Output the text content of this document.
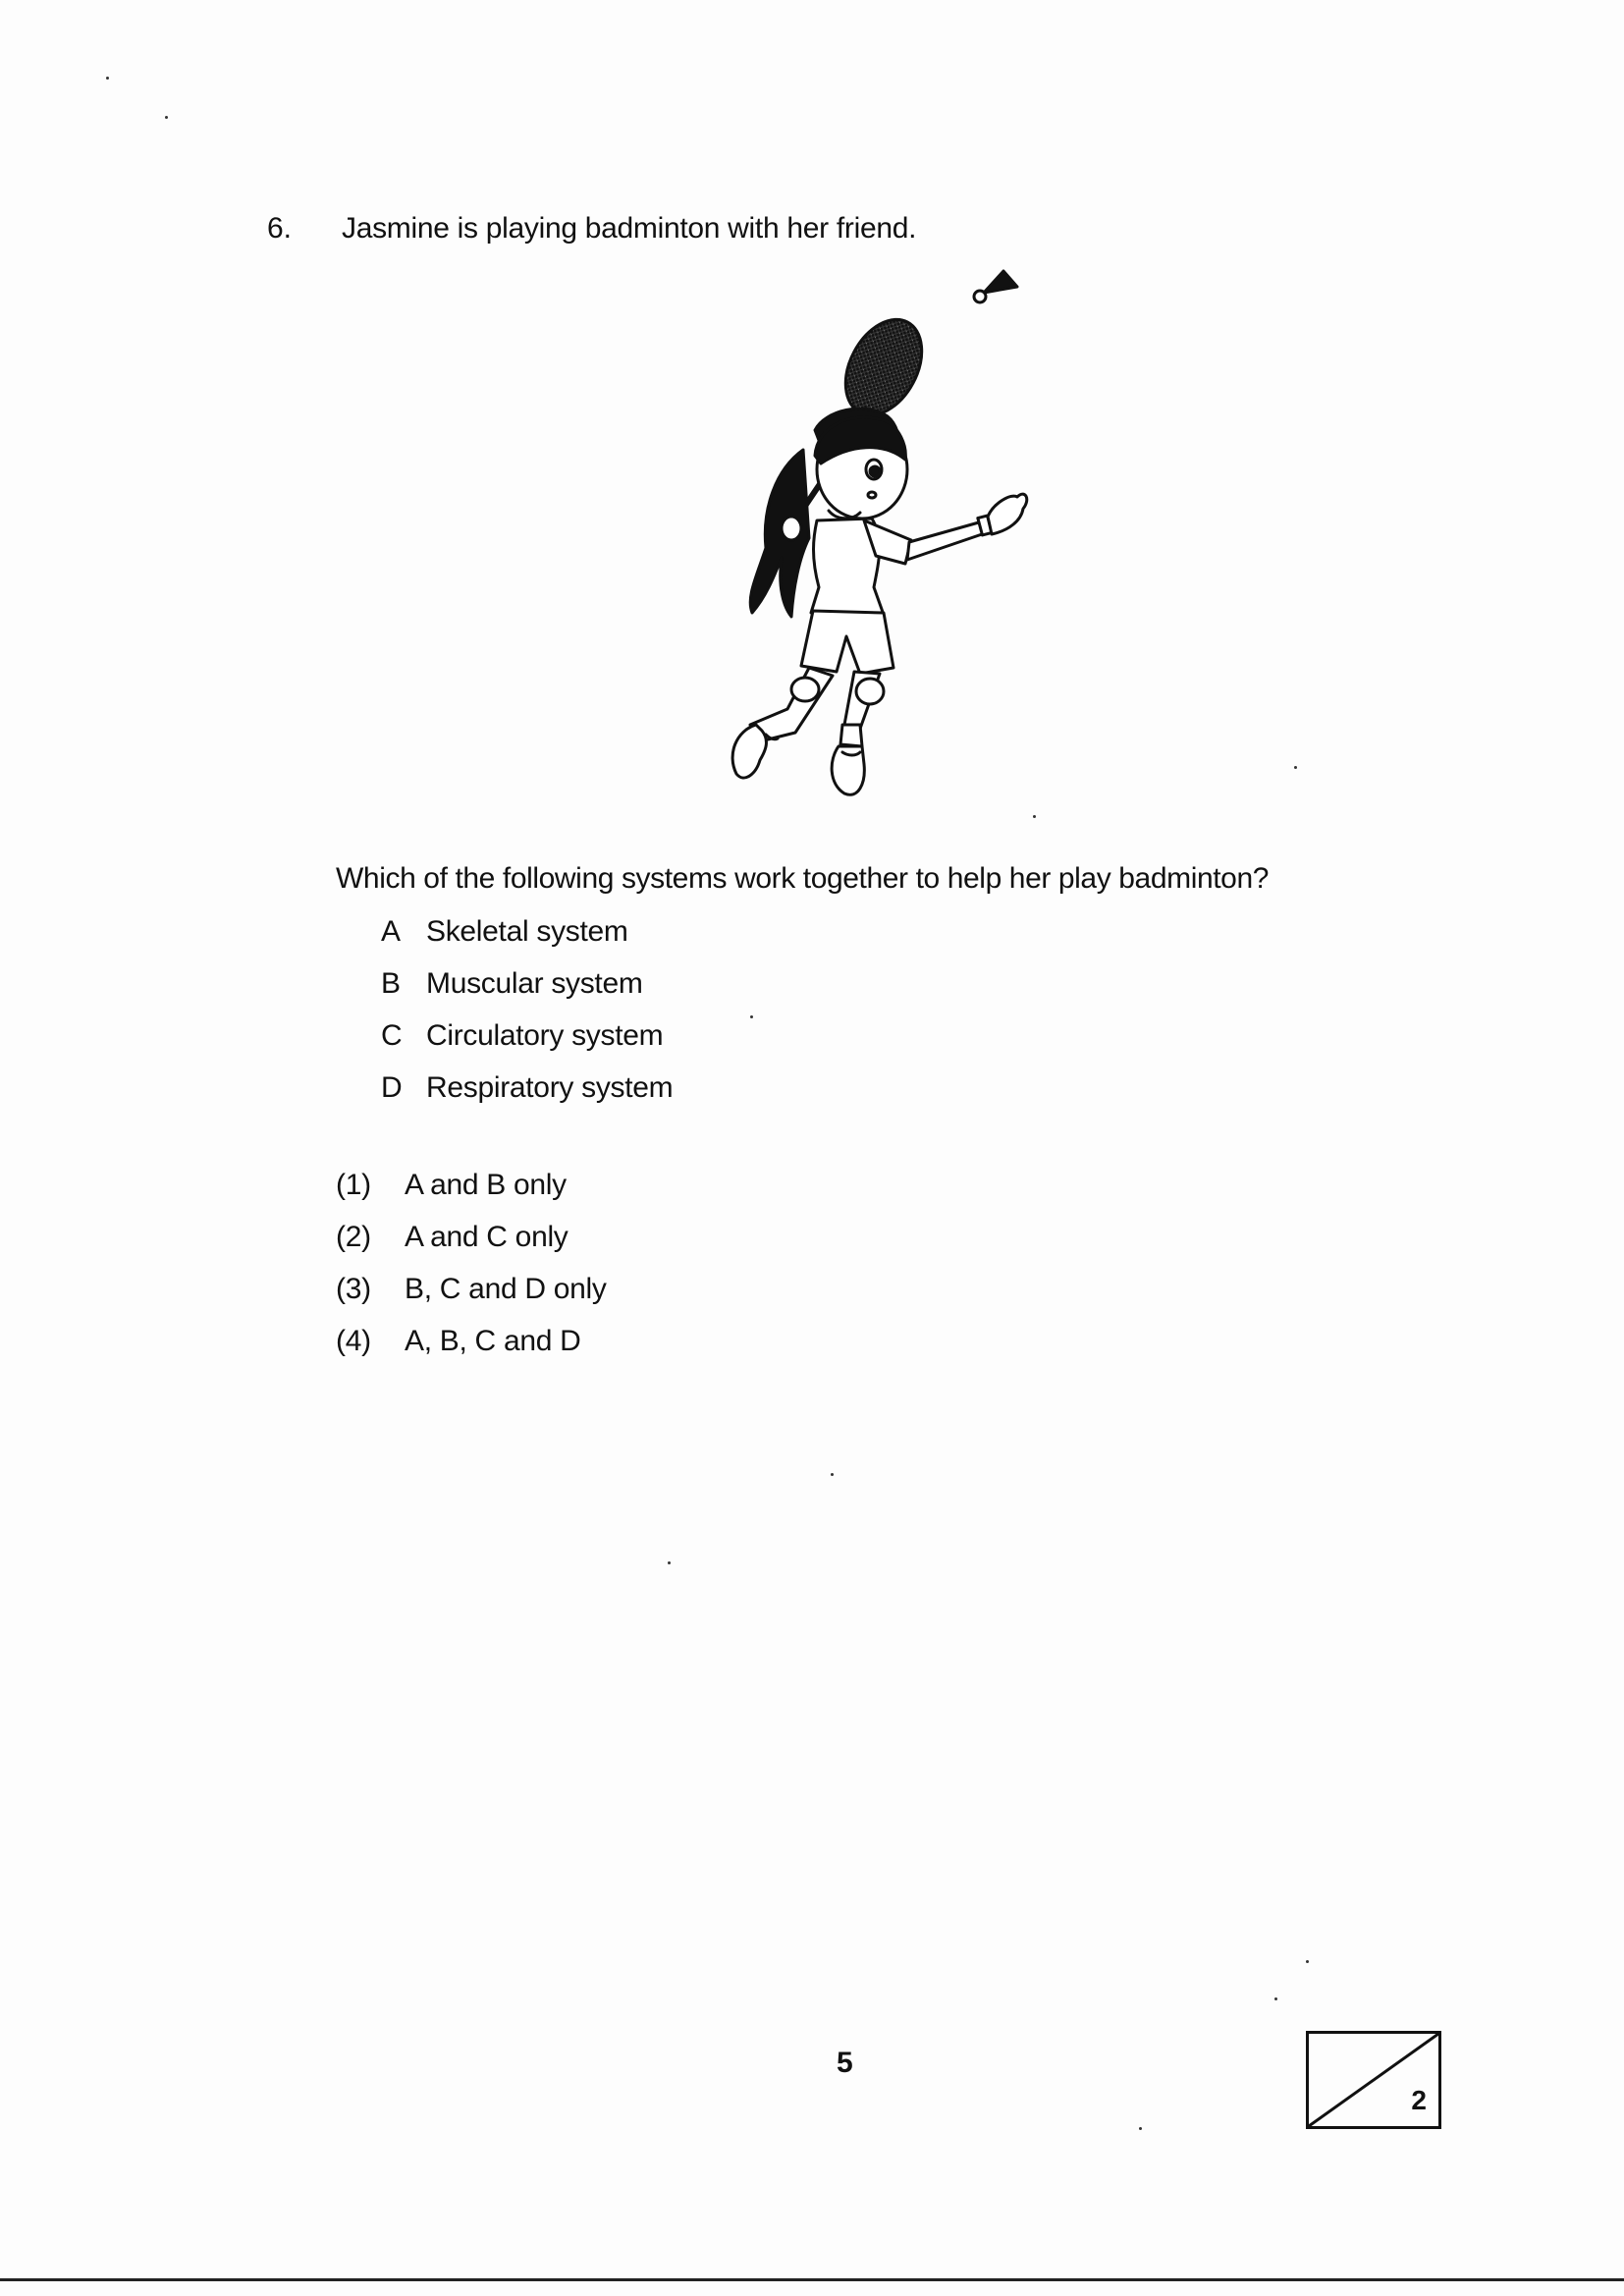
6. Jasmine is playing badminton with her friend.
Which of the following systems work together to help her play badminton?
A Skeletal system
B Muscular system
C Circulatory system
D Respiratory system
(1)	A and B only
(2)	A and C only
(3)	B, C and D only
(4)	A, B, C and D
5
2
